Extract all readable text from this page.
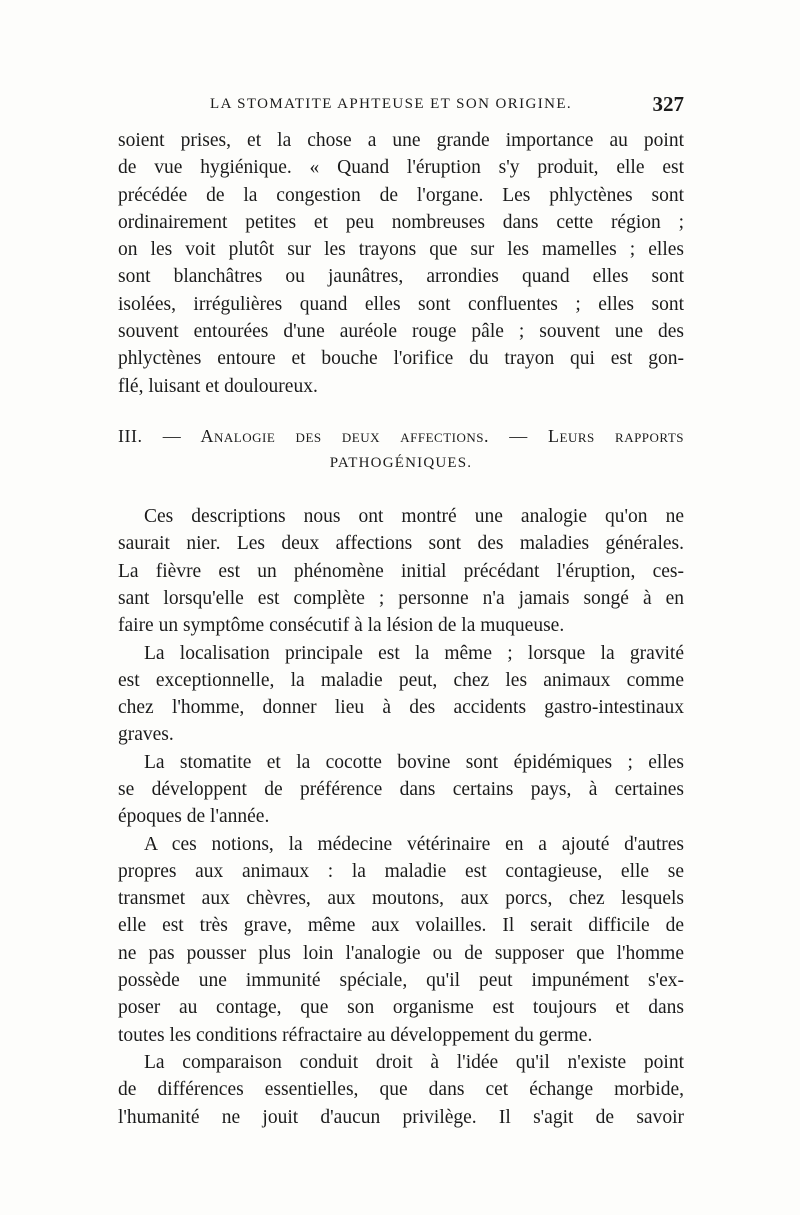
LA STOMATITE APHTEUSE ET SON ORIGINE.	327
soient prises, et la chose a une grande importance au point
de vue hygiénique. « Quand l'éruption s'y produit, elle est
précédée de la congestion de l'organe. Les phlyctènes sont
ordinairement petites et peu nombreuses dans cette région ;
on les voit plutôt sur les trayons que sur les mamelles ; elles
sont blanchâtres ou jaunâtres, arrondies quand elles sont
isolées, irrégulières quand elles sont confluentes ; elles sont
souvent entourées d'une auréole rouge pâle ; souvent une des
phlyctènes entoure et bouche l'orifice du trayon qui est gon-
flé, luisant et douloureux.
III. — Analogie des deux affections. — Leurs rapports
PATHOGÉNIQUES.
Ces descriptions nous ont montré une analogie qu'on ne
saurait nier. Les deux affections sont des maladies générales.
La fièvre est un phénomène initial précédant l'éruption, ces-
sant lorsqu'elle est complète ; personne n'a jamais songé à en
faire un symptôme consécutif à la lésion de la muqueuse.
La localisation principale est la même ; lorsque la gravité
est exceptionnelle, la maladie peut, chez les animaux comme
chez l'homme, donner lieu à des accidents gastro-intestinaux
graves.
La stomatite et la cocotte bovine sont épidémiques ; elles
se développent de préférence dans certains pays, à certaines
époques de l'année.
A ces notions, la médecine vétérinaire en a ajouté d'autres
propres aux animaux : la maladie est contagieuse, elle se
transmet aux chèvres, aux moutons, aux porcs, chez lesquels
elle est très grave, même aux volailles. Il serait difficile de
ne pas pousser plus loin l'analogie ou de supposer que l'homme
possède une immunité spéciale, qu'il peut impunément s'ex-
poser au contage, que son organisme est toujours et dans
toutes les conditions réfractaire au développement du germe.
La comparaison conduit droit à l'idée qu'il n'existe point
de différences essentielles, que dans cet échange morbide,
l'humanité ne jouit d'aucun privilège. Il s'agit de savoir
